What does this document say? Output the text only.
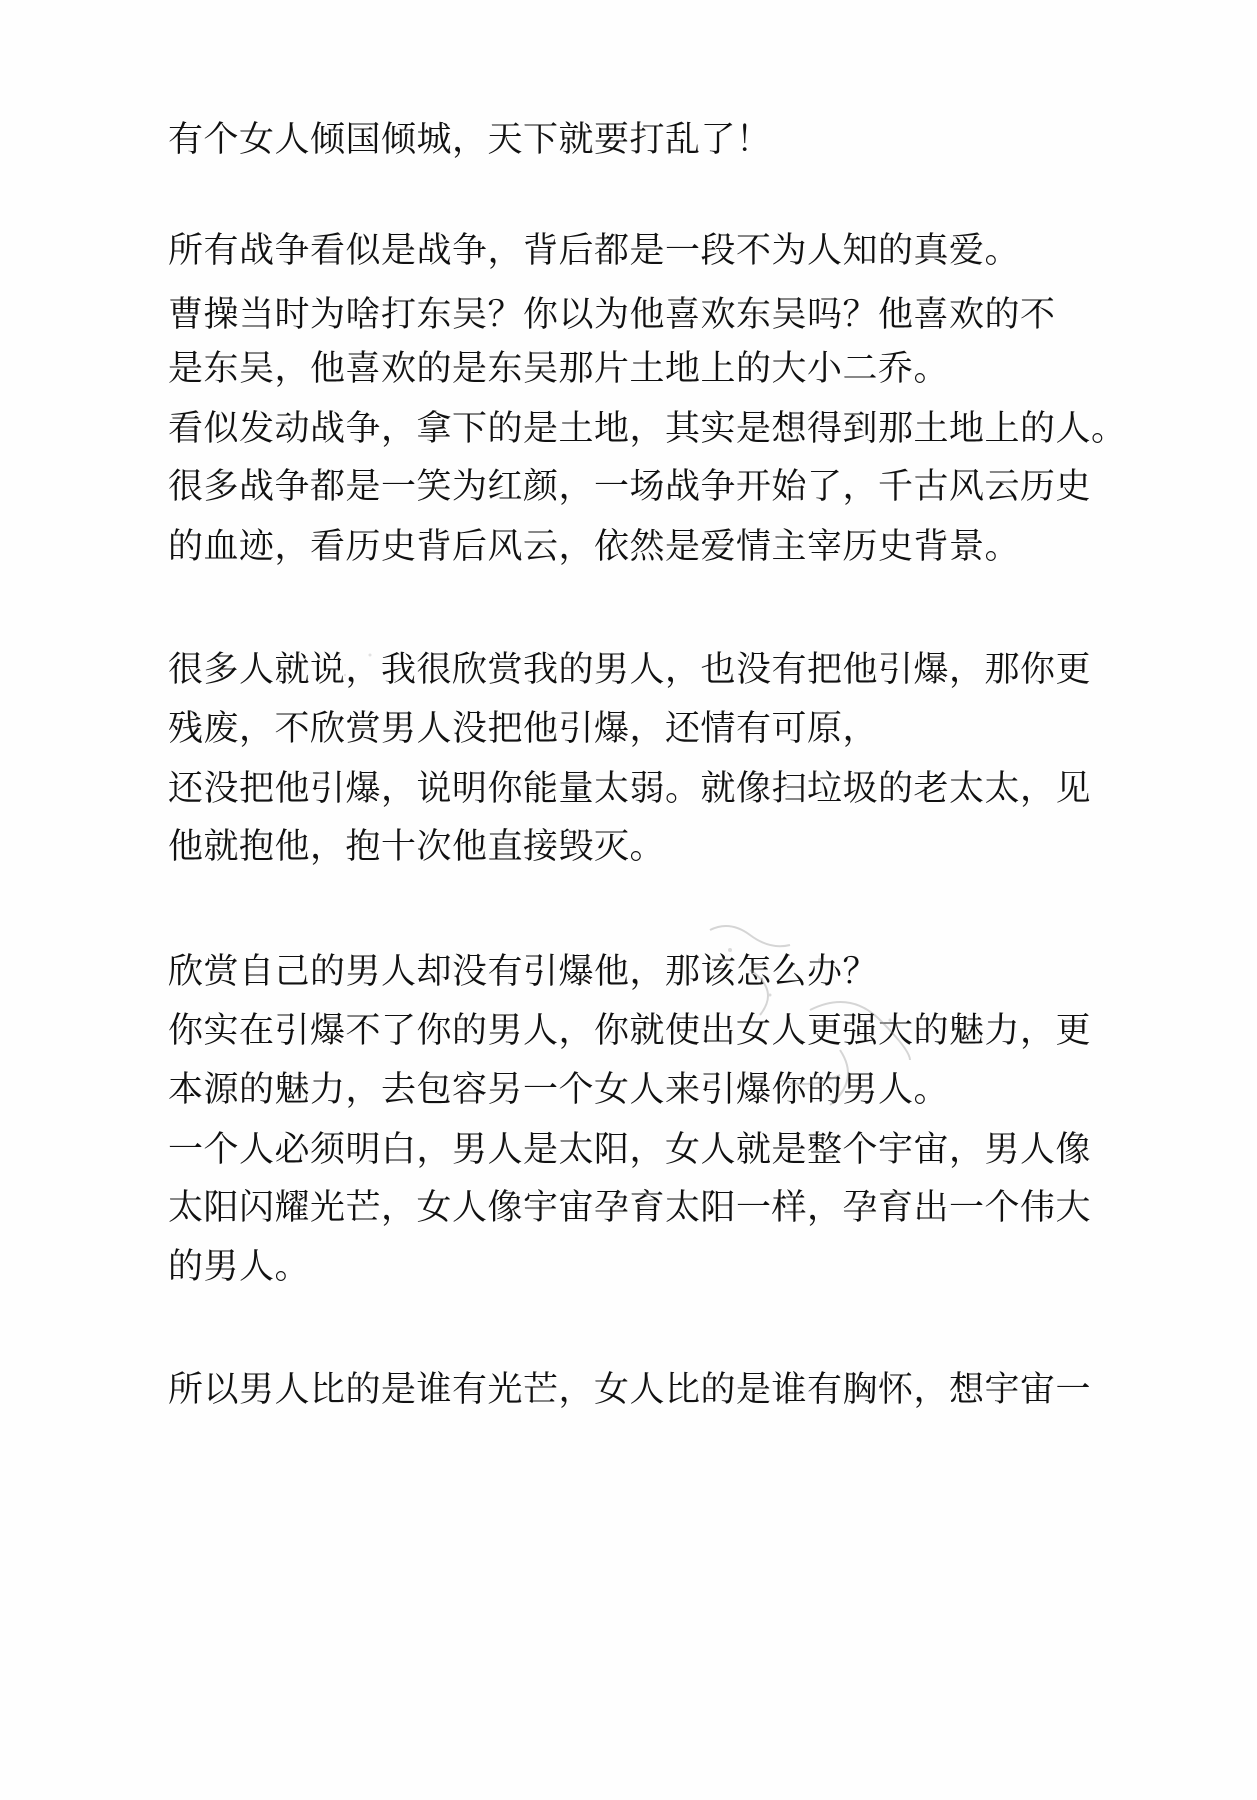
有个女人倾国倾城，天下就要打乱了！
所有战争看似是战争，背后都是一段不为人知的真爱。
曹操当时为啥打东吴？你以为他喜欢东吴吗？他喜欢的不
是东吴，他喜欢的是东吴那片土地上的大小二乔。
看似发动战争，拿下的是土地，其实是想得到那土地上的人。
很多战争都是一笑为红颜，一场战争开始了，千古风云历史
的血迹，看历史背后风云，依然是爱情主宰历史背景。
很多人就说，我很欣赏我的男人，也没有把他引爆，那你更
残废，不欣赏男人没把他引爆，还情有可原，
还没把他引爆，说明你能量太弱。就像扫垃圾的老太太，见
他就抱他，抱十次他直接毁灭。
欣赏自己的男人却没有引爆他，那该怎么办？
你实在引爆不了你的男人，你就使出女人更强大的魅力，更
本源的魅力，去包容另一个女人来引爆你的男人。
一个人必须明白，男人是太阳，女人就是整个宇宙，男人像
太阳闪耀光芒，女人像宇宙孕育太阳一样，孕育出一个伟大
的男人。
所以男人比的是谁有光芒，女人比的是谁有胸怀，想宇宙一
